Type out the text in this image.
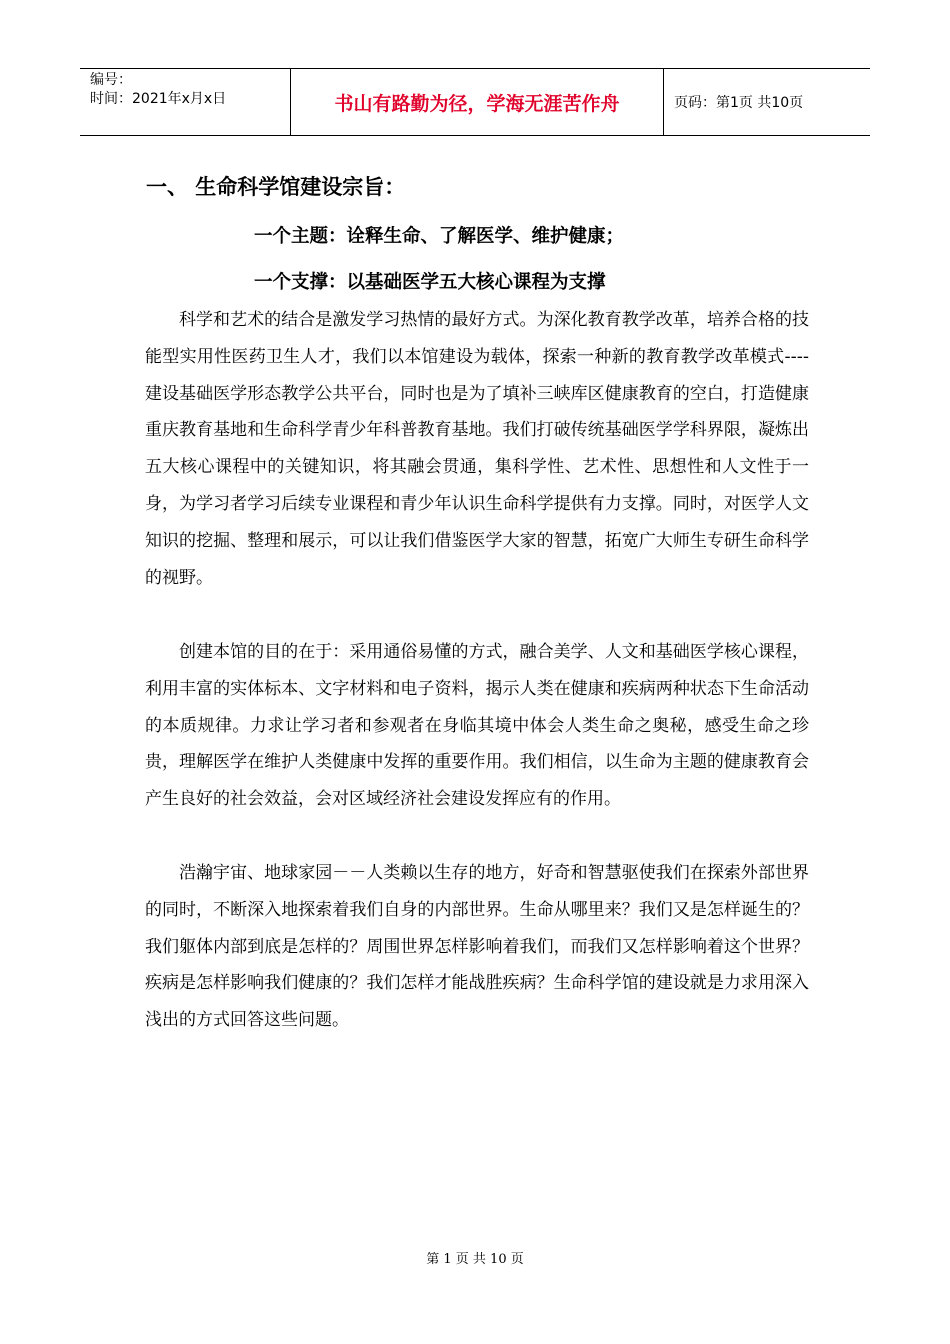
编号：
时间：2021年x月x日	书山有路勤为径，学海无涯苦作舟	页码：第1页 共10页
一、 生命科学馆建设宗旨：
一个主题：诠释生命、了解医学、维护健康；
一个支撑：以基础医学五大核心课程为支撑

科学和艺术的结合是激发学习热情的最好方式。为深化教育教学改革，培养合格的技能型实用性医药卫生人才，我们以本馆建设为载体，探索一种新的教育教学改革模式----建设基础医学形态教学公共平台，同时也是为了填补三峡库区健康教育的空白，打造健康重庆教育基地和生命科学青少年科普教育基地。我们打破传统基础医学学科界限，凝炼出五大核心课程中的关键知识，将其融会贯通，集科学性、艺术性、思想性和人文性于一身，为学习者学习后续专业课程和青少年认识生命科学提供有力支撑。同时，对医学人文知识的挖掘、整理和展示，可以让我们借鉴医学大家的智慧，拓宽广大师生专研生命科学的视野。

创建本馆的目的在于：采用通俗易懂的方式，融合美学、人文和基础医学核心课程，利用丰富的实体标本、文字材料和电子资料，揭示人类在健康和疾病两种状态下生命活动的本质规律。力求让学习者和参观者在身临其境中体会人类生命之奥秘，感受生命之珍贵，理解医学在维护人类健康中发挥的重要作用。我们相信，以生命为主题的健康教育会产生良好的社会效益，会对区域经济社会建设发挥应有的作用。

浩瀚宇宙、地球家园－－人类赖以生存的地方，好奇和智慧驱使我们在探索外部世界的同时，不断深入地探索着我们自身的内部世界。生命从哪里来？我们又是怎样诞生的？我们躯体内部到底是怎样的？周围世界怎样影响着我们，而我们又怎样影响着这个世界？疾病是怎样影响我们健康的？我们怎样才能战胜疾病？生命科学馆的建设就是力求用深入浅出的方式回答这些问题。

第 1 页 共 10 页
